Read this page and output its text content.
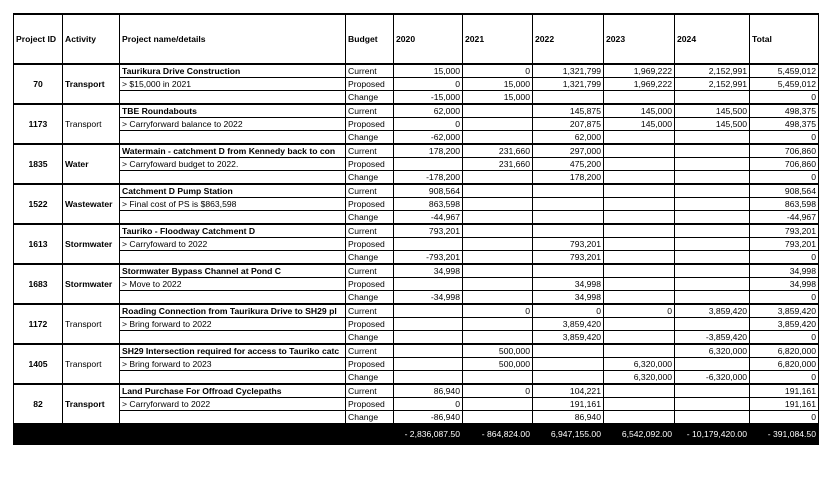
Project ID	Activity	Project name/details	Budget	2020	2021	2022	2023	2024	Total
70	Transport	Taurikura Drive Construction	Current	15,000	0	1,321,799	1,969,222	2,152,991	5,459,012
		> $15,000 in 2021	Proposed	0	15,000	1,321,799	1,969,222	2,152,991	5,459,012
			Change	-15,000	15,000				0
1173	Transport	TBE Roundabouts	Current	62,000		145,875	145,000	145,500	498,375
		> Carryforward balance to 2022	Proposed	0		207,875	145,000	145,500	498,375
			Change	-62,000		62,000			0
1835	Water	Watermain - catchment D from Kennedy back to con	Current	178,200	231,660	297,000			706,860
		> Carryfoward budget to 2022.	Proposed		231,660	475,200			706,860
			Change	-178,200		178,200			0
1522	Wastewater	Catchment D Pump Station	Current	908,564					908,564
		> Final cost of PS is $863,598	Proposed	863,598					863,598
			Change	-44,967					-44,967
1613	Stormwater	Tauriko - Floodway Catchment D	Current	793,201					793,201
		> Carryfoward to 2022	Proposed			793,201			793,201
			Change	-793,201		793,201			0
1683	Stormwater	Stormwater Bypass Channel at Pond C	Current	34,998					34,998
		> Move to 2022	Proposed			34,998			34,998
			Change	-34,998		34,998			0
1172	Transport	Roading Connection from Taurikura Drive to SH29 pl	Current		0	0	0	3,859,420	3,859,420
		> Bring forward to 2022	Proposed			3,859,420			3,859,420
			Change			3,859,420		-3,859,420	0
1405	Transport	SH29 Intersection required for access to Tauriko catc	Current		500,000			6,320,000	6,820,000
		> Bring forward to 2023	Proposed		500,000		6,320,000		6,820,000
			Change				6,320,000	-6,320,000	0
82	Transport	Land Purchase For Offroad Cyclepaths	Current	86,940	0	104,221			191,161
		> Carryforward to 2022	Proposed	0		191,161			191,161
			Change	-86,940		86,940			0
				- 2,836,087.50	- 864,824.00	6,947,155.00	6,542,092.00	- 10,179,420.00	- 391,084.50
